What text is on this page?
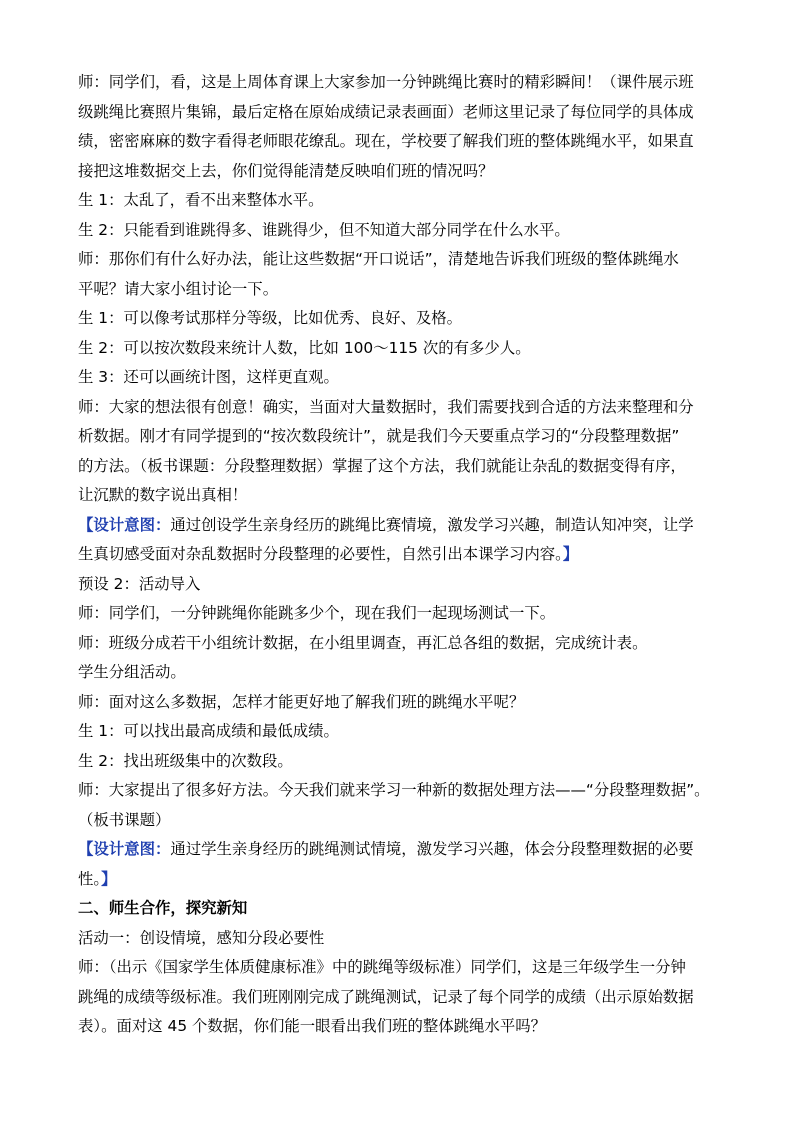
师：同学们，看，这是上周体育课上大家参加一分钟跳绳比赛时的精彩瞬间！（课件展示班

级跳绳比赛照片集锦，最后定格在原始成绩记录表画面）老师这里记录了每位同学的具体成

绩，密密麻麻的数字看得老师眼花缭乱。现在，学校要了解我们班的整体跳绳水平，如果直

接把这堆数据交上去，你们觉得能清楚反映咱们班的情况吗？

生 1：太乱了，看不出来整体水平。

生 2：只能看到谁跳得多、谁跳得少，但不知道大部分同学在什么水平。

师：那你们有什么好办法，能让这些数据“开口说话”，清楚地告诉我们班级的整体跳绳水

平呢？请大家小组讨论一下。

生 1：可以像考试那样分等级，比如优秀、良好、及格。

生 2：可以按次数段来统计人数，比如 100～115 次的有多少人。

生 3：还可以画统计图，这样更直观。

师：大家的想法很有创意！确实，当面对大量数据时，我们需要找到合适的方法来整理和分

析数据。刚才有同学提到的“按次数段统计”，就是我们今天要重点学习的“分段整理数据”

的方法。（板书课题：分段整理数据）掌握了这个方法，我们就能让杂乱的数据变得有序，

让沉默的数字说出真相！

【设计意图：通过创设学生亲身经历的跳绳比赛情境，激发学习兴趣，制造认知冲突，让学

生真切感受面对杂乱数据时分段整理的必要性，自然引出本课学习内容。】

预设 2：活动导入

师：同学们，一分钟跳绳你能跳多少个，现在我们一起现场测试一下。

师：班级分成若干小组统计数据，在小组里调查，再汇总各组的数据，完成统计表。

学生分组活动。

师：面对这么多数据，怎样才能更好地了解我们班的跳绳水平呢？

生 1：可以找出最高成绩和最低成绩。

生 2：找出班级集中的次数段。

师：大家提出了很多好方法。今天我们就来学习一种新的数据处理方法——“分段整理数据”。

（板书课题）

【设计意图：通过学生亲身经历的跳绳测试情境，激发学习兴趣，体会分段整理数据的必要

性。】

二、师生合作，探究新知

活动一：创设情境，感知分段必要性

师：（出示《国家学生体质健康标准》中的跳绳等级标准）同学们，这是三年级学生一分钟

跳绳的成绩等级标准。我们班刚刚完成了跳绳测试，记录了每个同学的成绩（出示原始数据

表）。面对这 45 个数据，你们能一眼看出我们班的整体跳绳水平吗？
